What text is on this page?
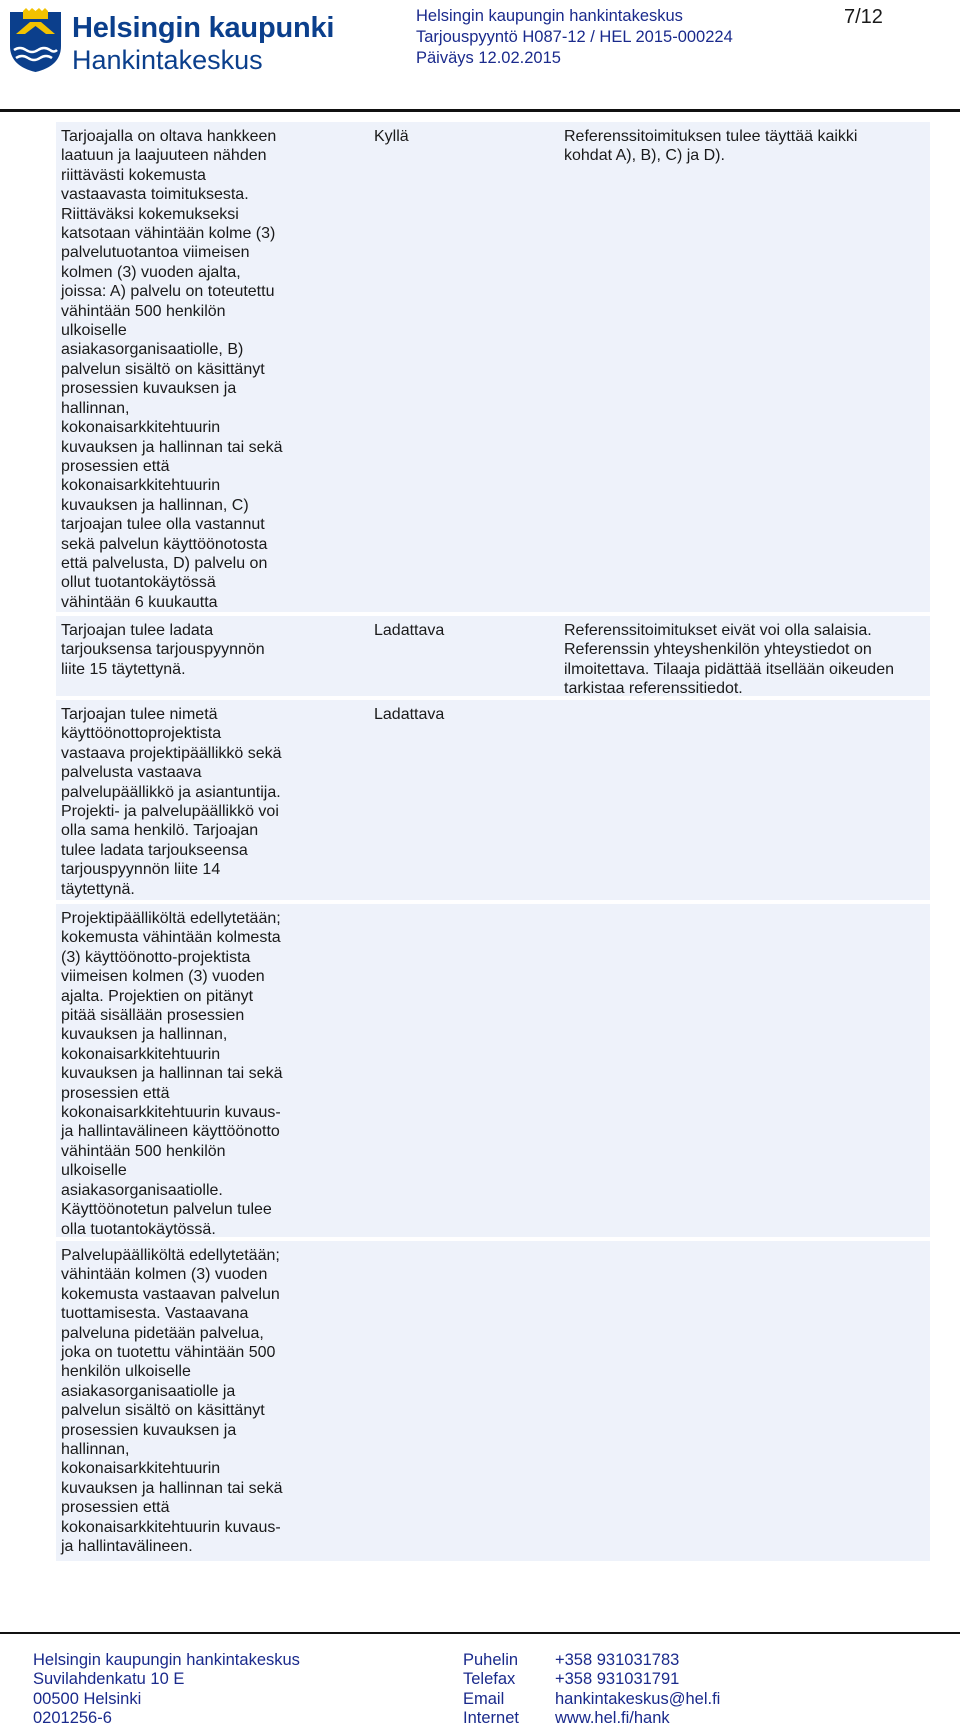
Helsingin kaupunki
Hankintakeskus
Helsingin kaupungin hankintakeskus
Tarjouspyyntö H087-12 / HEL 2015-000224
Päiväys 12.02.2015
7/12
Tarjoajalla on oltava hankkeen
laatuun ja laajuuteen nähden
riittävästi kokemusta
vastaavasta toimituksesta.
Riittäväksi kokemukseksi
katsotaan vähintään kolme (3)
palvelutuotantoa viimeisen
kolmen (3) vuoden ajalta,
joissa: A) palvelu on toteutettu
vähintään 500 henkilön
ulkoiselle
asiakasorganisaatiolle, B)
palvelun sisältö on käsittänyt
prosessien kuvauksen ja
hallinnan,
kokonaisarkkitehtuurin
kuvauksen ja hallinnan tai sekä
prosessien että
kokonaisarkkitehtuurin
kuvauksen ja hallinnan, C)
tarjoajan tulee olla vastannut
sekä palvelun käyttöönotosta
että palvelusta, D) palvelu on
ollut tuotantokäytössä
vähintään 6 kuukautta
Kyllä	Referenssitoimituksen tulee täyttää kaikki
kohdat A), B), C) ja D).
Tarjoajan tulee ladata
tarjouksensa tarjouspyynnön
liite 15 täytettynä.
Ladattava	Referenssitoimitukset eivät voi olla salaisia.
Referenssin yhteyshenkilön yhteystiedot on
ilmoitettava. Tilaaja pidättää itsellään oikeuden
tarkistaa referenssitiedot.
Tarjoajan tulee nimetä
käyttöönottoprojektista
vastaava projektipäällikkö sekä
palvelusta vastaava
palvelupäällikkö ja asiantuntija.
Projekti- ja palvelupäällikkö voi
olla sama henkilö. Tarjoajan
tulee ladata tarjoukseensa
tarjouspyynnön liite 14
täytettynä.
Ladattava
Projektipäälliköltä edellytetään;
kokemusta vähintään kolmesta
(3) käyttöönotto-projektista
viimeisen kolmen (3) vuoden
ajalta. Projektien on pitänyt
pitää sisällään prosessien
kuvauksen ja hallinnan,
kokonaisarkkitehtuurin
kuvauksen ja hallinnan tai sekä
prosessien että
kokonaisarkkitehtuurin kuvaus-
ja hallintavälineen käyttöönotto
vähintään 500 henkilön
ulkoiselle
asiakasorganisaatiolle.
Käyttöönotetun palvelun tulee
olla tuotantokäytössä.
Palvelupäälliköltä edellytetään;
vähintään kolmen (3) vuoden
kokemusta vastaavan palvelun
tuottamisesta. Vastaavana
palveluna pidetään palvelua,
joka on tuotettu vähintään 500
henkilön ulkoiselle
asiakasorganisaatiolle ja
palvelun sisältö on käsittänyt
prosessien kuvauksen ja
hallinnan,
kokonaisarkkitehtuurin
kuvauksen ja hallinnan tai sekä
prosessien että
kokonaisarkkitehtuurin kuvaus-
ja hallintavälineen.
Helsingin kaupungin hankintakeskus
Suvilahdenkatu 10 E
00500 Helsinki
0201256-6
Puhelin
Telefax
Email
Internet
+358 931031783
+358 931031791
hankintakeskus@hel.fi
www.hel.fi/hank
